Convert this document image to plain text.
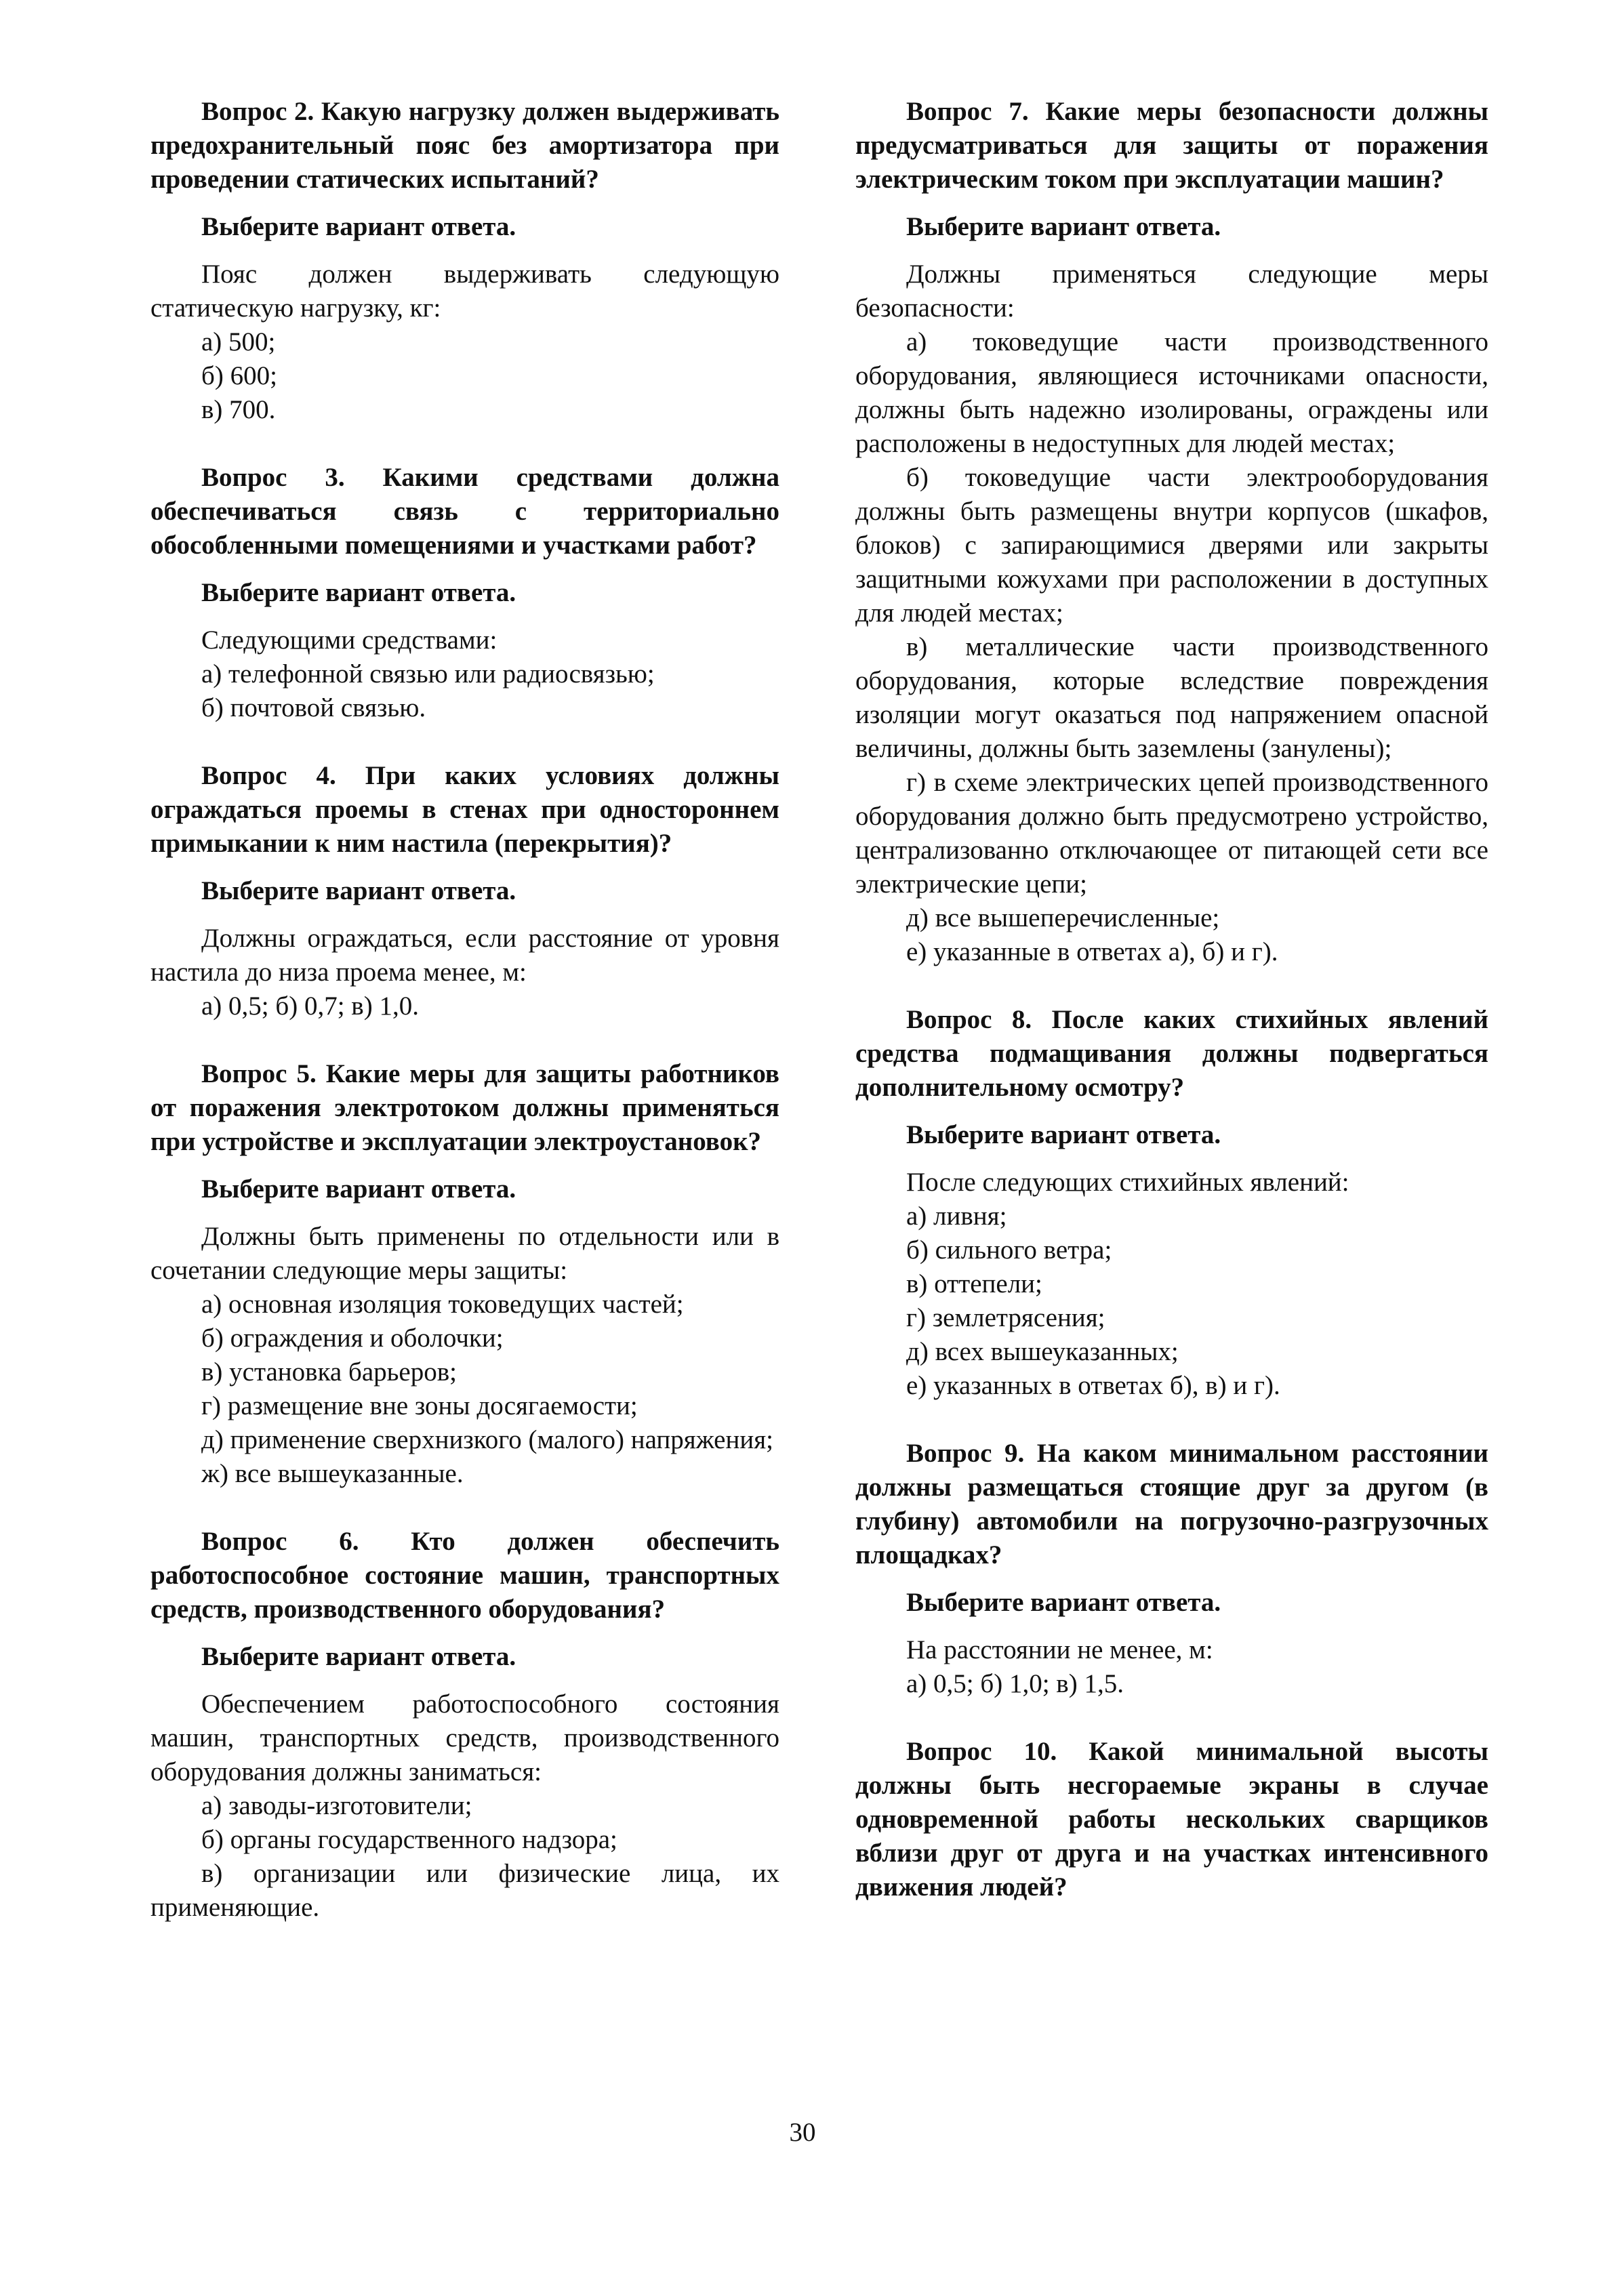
Вопрос 2. Какую нагрузку должен выдерживать предохранительный пояс без амортизатора при проведении статических испытаний?

Выберите вариант ответа.

Пояс должен выдерживать следующую статическую нагрузку, кг:

а) 500;
б) 600;
в) 700.

Вопрос 3. Какими средствами должна обеспечиваться связь с территориально обособленными помещениями и участками работ?

Выберите вариант ответа.

Следующими средствами:

а) телефонной связью или радиосвязью;
б) почтовой связью.

Вопрос 4. При каких условиях должны ограждаться проемы в стенах при одностороннем примыкании к ним настила (перекрытия)?

Выберите вариант ответа.

Должны ограждаться, если расстояние от уровня настила до низа проема менее, м:

а) 0,5; б) 0,7; в) 1,0.

Вопрос 5. Какие меры для защиты работников от поражения электротоком должны применяться при устройстве и эксплуатации электроустановок?

Выберите вариант ответа.

Должны быть применены по отдельности или в сочетании следующие меры защиты:

а) основная изоляция токоведущих частей;
б) ограждения и оболочки;
в) установка барьеров;
г) размещение вне зоны досягаемости;
д) применение сверхнизкого (малого) напряжения;
ж) все вышеуказанные.

Вопрос 6. Кто должен обеспечить работоспособное состояние машин, транспортных средств, производственного оборудования?

Выберите вариант ответа.

Обеспечением работоспособного состояния машин, транспортных средств, производственного оборудования должны заниматься:

а) заводы-изготовители;
б) органы государственного надзора;
в) организации или физические лица, их применяющие.

Вопрос 7. Какие меры безопасности должны предусматриваться для защиты от поражения электрическим током при эксплуатации машин?

Выберите вариант ответа.

Должны применяться следующие меры безопасности:

а) токоведущие части производственного оборудования, являющиеся источниками опасности, должны быть надежно изолированы, ограждены или расположены в недоступных для людей местах;
б) токоведущие части электрооборудования должны быть размещены внутри корпусов (шкафов, блоков) с запирающимися дверями или закрыты защитными кожухами при расположении в доступных для людей местах;
в) металлические части производственного оборудования, которые вследствие повреждения изоляции могут оказаться под напряжением опасной величины, должны быть заземлены (занулены);
г) в схеме электрических цепей производственного оборудования должно быть предусмотрено устройство, централизованно отключающее от питающей сети все электрические цепи;
д) все вышеперечисленные;
е) указанные в ответах а), б) и г).

Вопрос 8. После каких стихийных явлений средства подмащивания должны подвергаться дополнительному осмотру?

Выберите вариант ответа.

После следующих стихийных явлений:

а) ливня;
б) сильного ветра;
в) оттепели;
г) землетрясения;
д) всех вышеуказанных;
е) указанных в ответах б), в) и г).

Вопрос 9. На каком минимальном расстоянии должны размещаться стоящие друг за другом (в глубину) автомобили на погрузочно-разгрузочных площадках?

Выберите вариант ответа.

На расстоянии не менее, м:

а) 0,5; б) 1,0; в) 1,5.

Вопрос 10. Какой минимальной высоты должны быть несгораемые экраны в случае одновременной работы нескольких сварщиков вблизи друг от друга и на участках интенсивного движения людей?

30
